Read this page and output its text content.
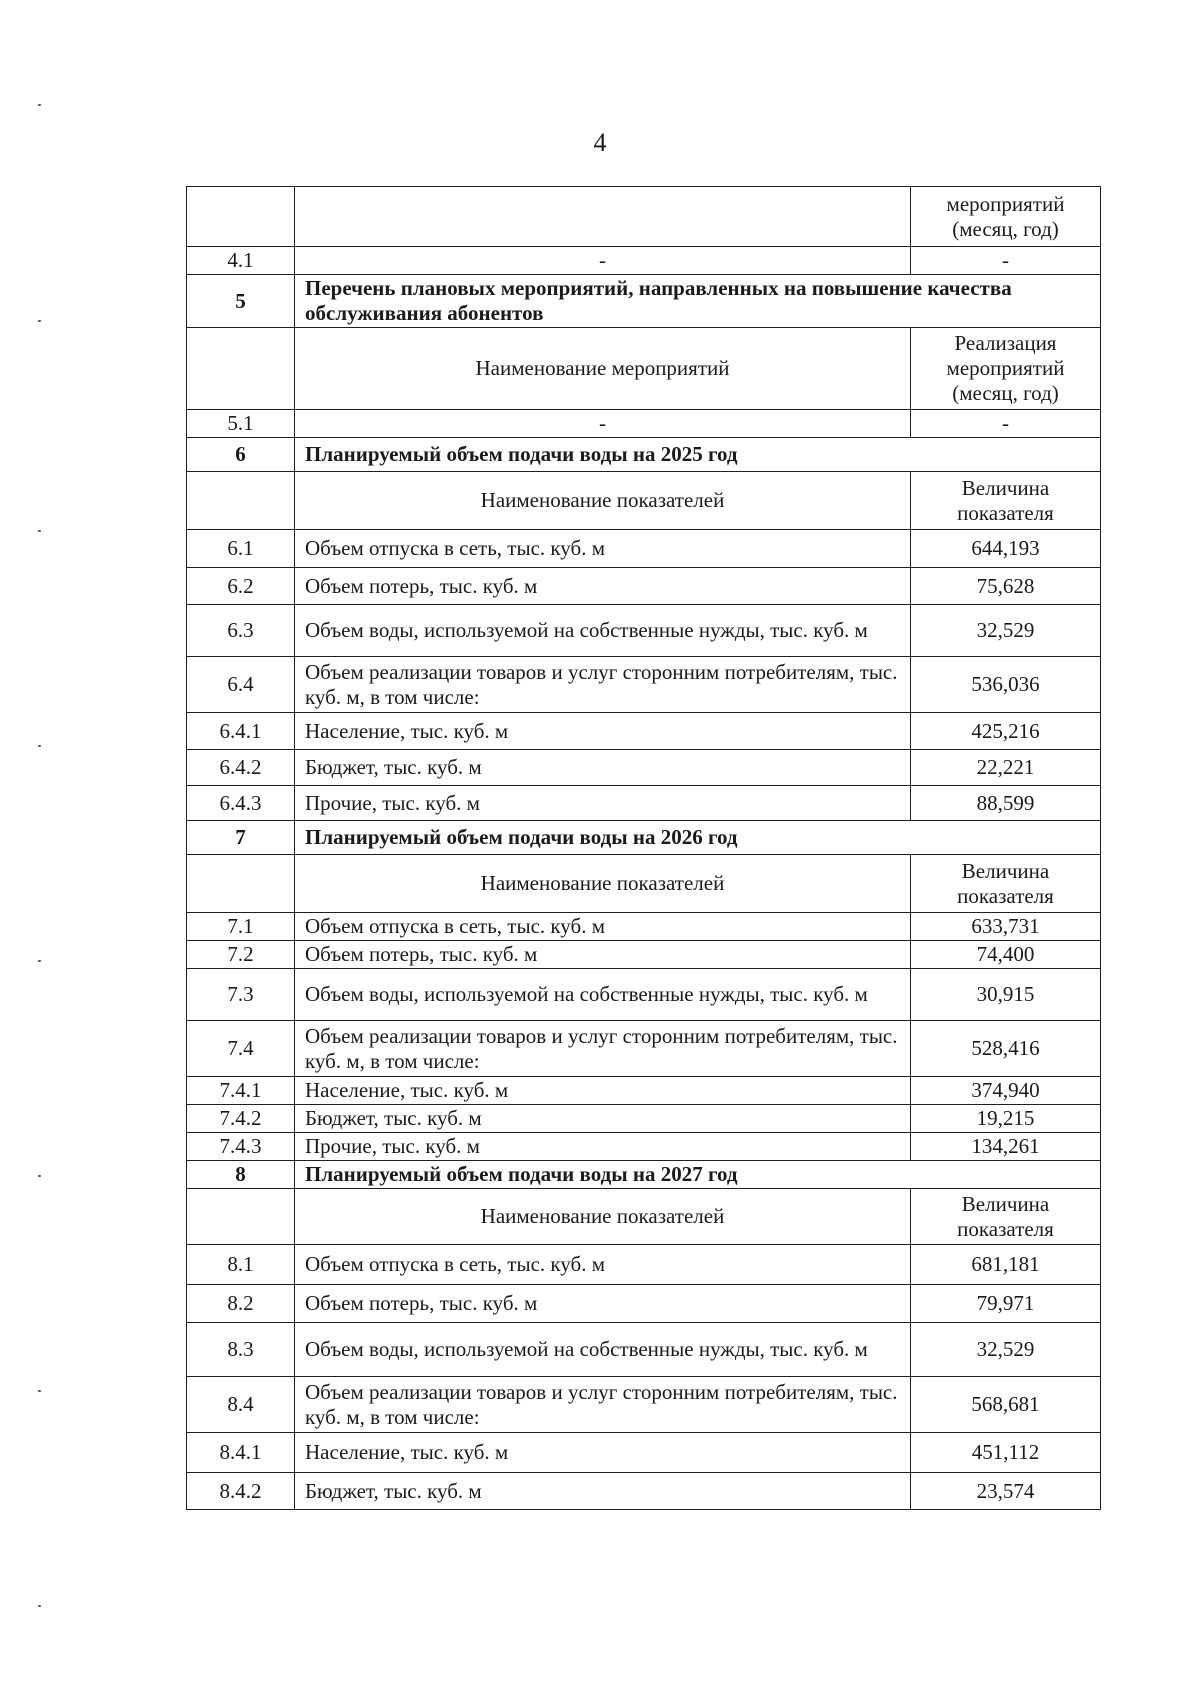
4
		мероприятий (месяц, год)
4.1	-	-
5	Перечень плановых мероприятий, направленных на повышение качества обслуживания абонентов	
	Наименование мероприятий	Реализация мероприятий (месяц, год)
5.1	-	-
6	Планируемый объем подачи воды на 2025 год	
	Наименование показателей	Величина показателя
6.1	Объем отпуска в сеть, тыс. куб. м	644,193
6.2	Объем потерь, тыс. куб. м	75,628
6.3	Объем воды, используемой на собственные нужды, тыс. куб. м	32,529
6.4	Объем реализации товаров и услуг сторонним потребителям, тыс. куб. м, в том числе:	536,036
6.4.1	Население, тыс. куб. м	425,216
6.4.2	Бюджет, тыс. куб. м	22,221
6.4.3	Прочие, тыс. куб. м	88,599
7	Планируемый объем подачи воды на 2026 год	
	Наименование показателей	Величина показателя
7.1	Объем отпуска в сеть, тыс. куб. м	633,731
7.2	Объем потерь, тыс. куб. м	74,400
7.3	Объем воды, используемой на собственные нужды, тыс. куб. м	30,915
7.4	Объем реализации товаров и услуг сторонним потребителям, тыс. куб. м, в том числе:	528,416
7.4.1	Население, тыс. куб. м	374,940
7.4.2	Бюджет, тыс. куб. м	19,215
7.4.3	Прочие, тыс. куб. м	134,261
8	Планируемый объем подачи воды на 2027 год	
	Наименование показателей	Величина показателя
8.1	Объем отпуска в сеть, тыс. куб. м	681,181
8.2	Объем потерь, тыс. куб. м	79,971
8.3	Объем воды, используемой на собственные нужды, тыс. куб. м	32,529
8.4	Объем реализации товаров и услуг сторонним потребителям, тыс. куб. м, в том числе:	568,681
8.4.1	Население, тыс. куб. м	451,112
8.4.2	Бюджет, тыс. куб. м	23,574
